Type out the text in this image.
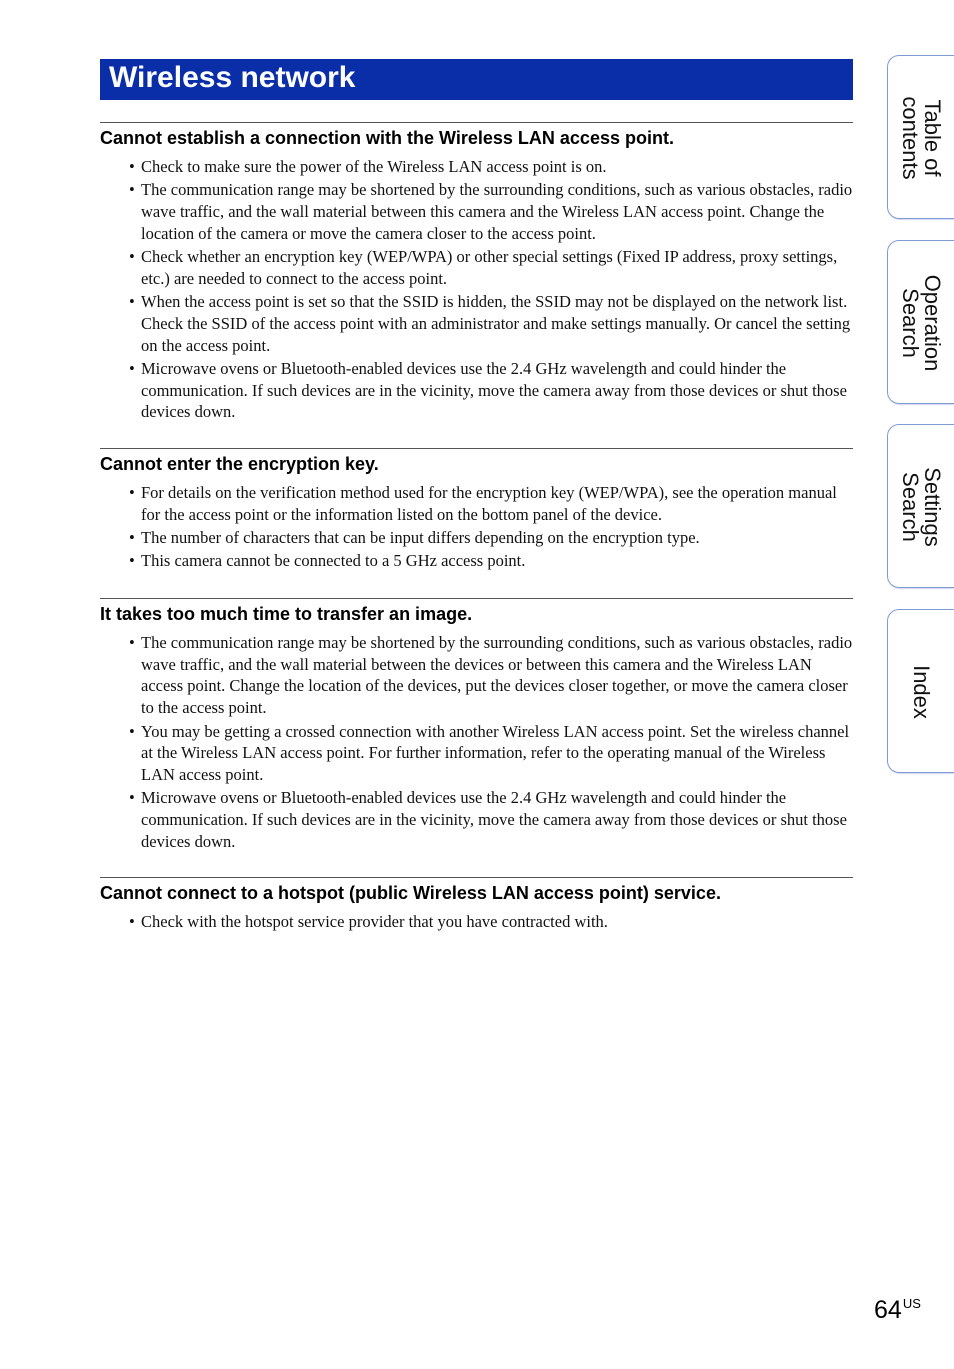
Wireless network
Cannot establish a connection with the Wireless LAN access point.
• Check to make sure the power of the Wireless LAN access point is on.
• The communication range may be shortened by the surrounding conditions, such as various obstacles, radio wave traffic, and the wall material between this camera and the Wireless LAN access point. Change the location of the camera or move the camera closer to the access point.
• Check whether an encryption key (WEP/WPA) or other special settings (Fixed IP address, proxy settings, etc.) are needed to connect to the access point.
• When the access point is set so that the SSID is hidden, the SSID may not be displayed on the network list. Check the SSID of the access point with an administrator and make settings manually. Or cancel the setting on the access point.
• Microwave ovens or Bluetooth-enabled devices use the 2.4 GHz wavelength and could hinder the communication. If such devices are in the vicinity, move the camera away from those devices or shut those devices down.
Cannot enter the encryption key.
• For details on the verification method used for the encryption key (WEP/WPA), see the operation manual for the access point or the information listed on the bottom panel of the device.
• The number of characters that can be input differs depending on the encryption type.
• This camera cannot be connected to a 5 GHz access point.
It takes too much time to transfer an image.
• The communication range may be shortened by the surrounding conditions, such as various obstacles, radio wave traffic, and the wall material between the devices or between this camera and the Wireless LAN access point. Change the location of the devices, put the devices closer together, or move the camera closer to the access point.
• You may be getting a crossed connection with another Wireless LAN access point. Set the wireless channel at the Wireless LAN access point. For further information, refer to the operating manual of the Wireless LAN access point.
• Microwave ovens or Bluetooth-enabled devices use the 2.4 GHz wavelength and could hinder the communication. If such devices are in the vicinity, move the camera away from those devices or shut those devices down.
Cannot connect to a hotspot (public Wireless LAN access point) service.
• Check with the hotspot service provider that you have contracted with.
Table of
contents
Operation
Search
Settings
Search
Index
$64^{US}$
